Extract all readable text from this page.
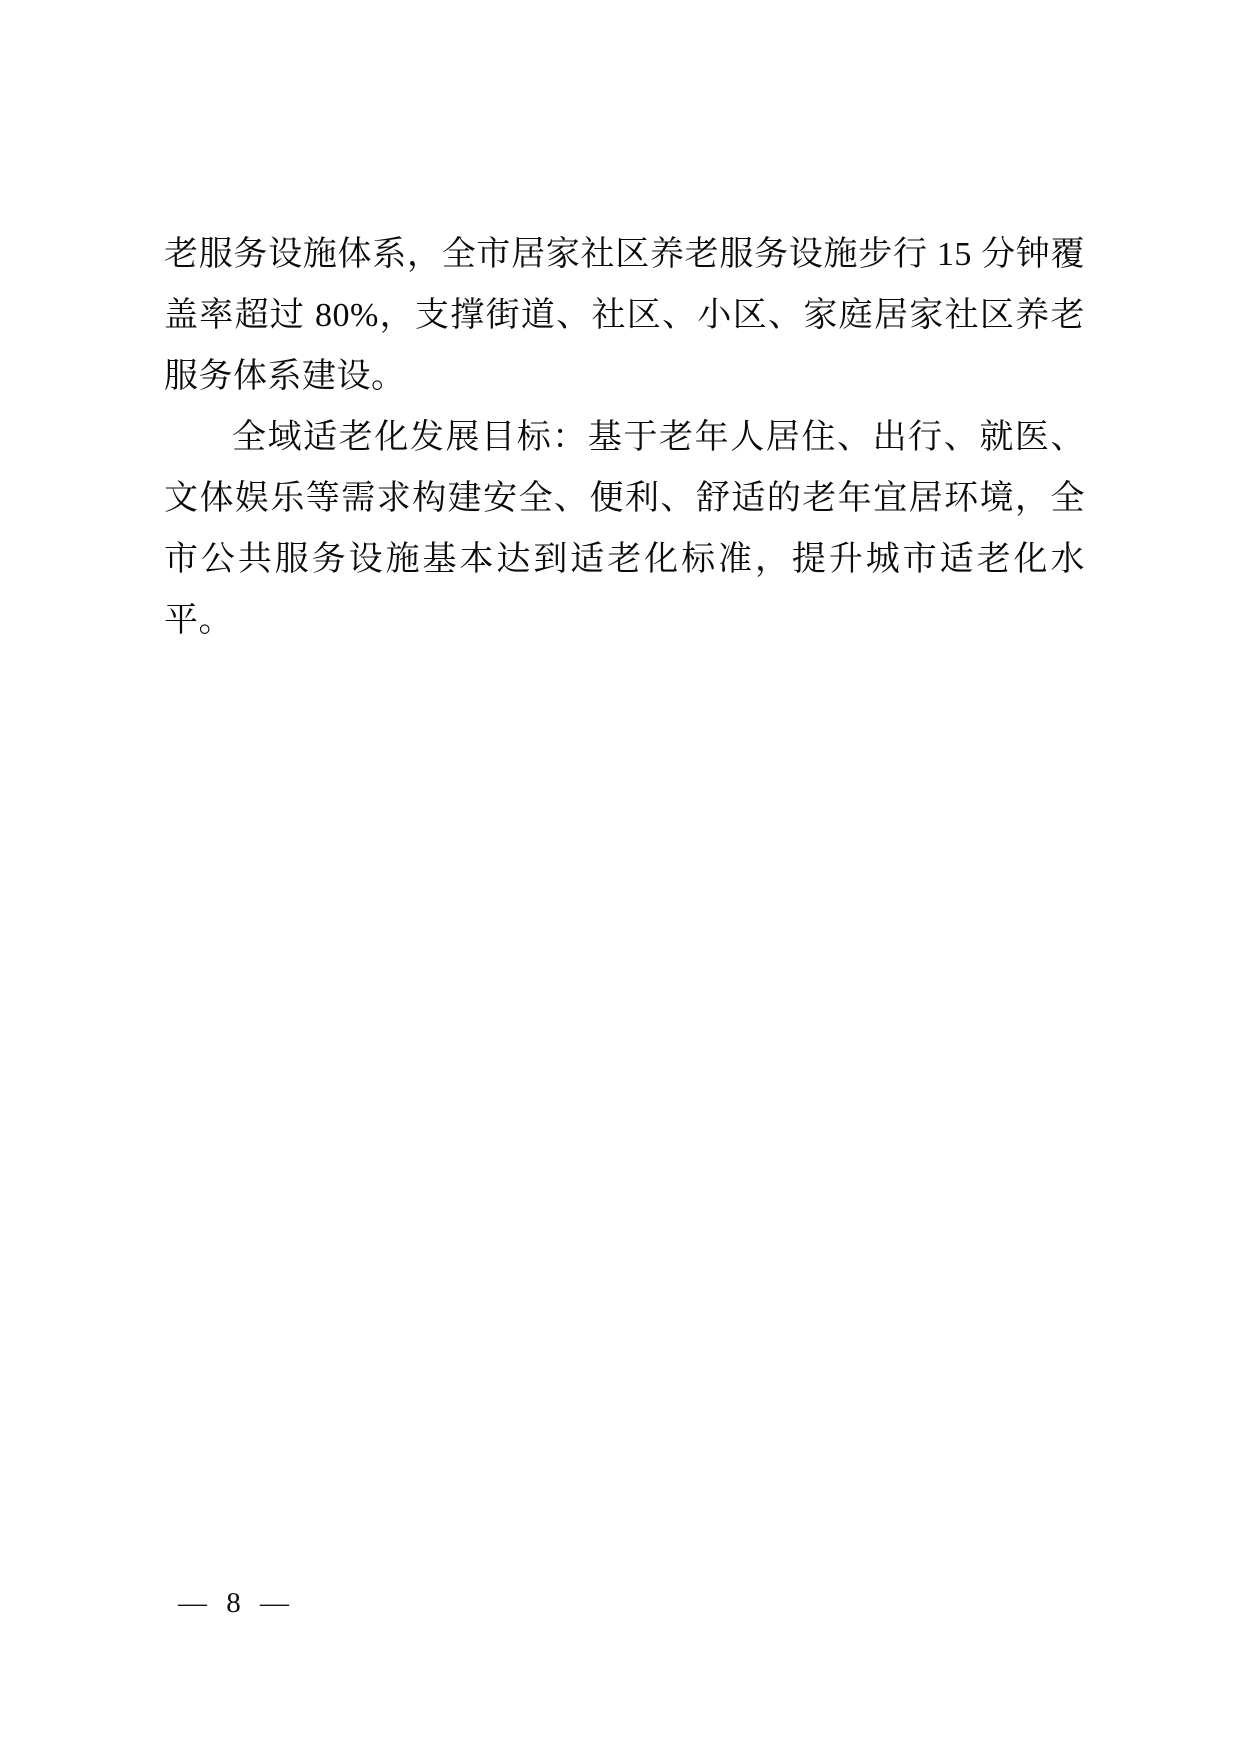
老服务设施体系，全市居家社区养老服务设施步行 15 分钟覆盖率超过 80%，支撑街道、社区、小区、家庭居家社区养老服务体系建设。

全域适老化发展目标：基于老年人居住、出行、就医、文体娱乐等需求构建安全、便利、舒适的老年宜居环境，全市公共服务设施基本达到适老化标准，提升城市适老化水平。

— 8 —
